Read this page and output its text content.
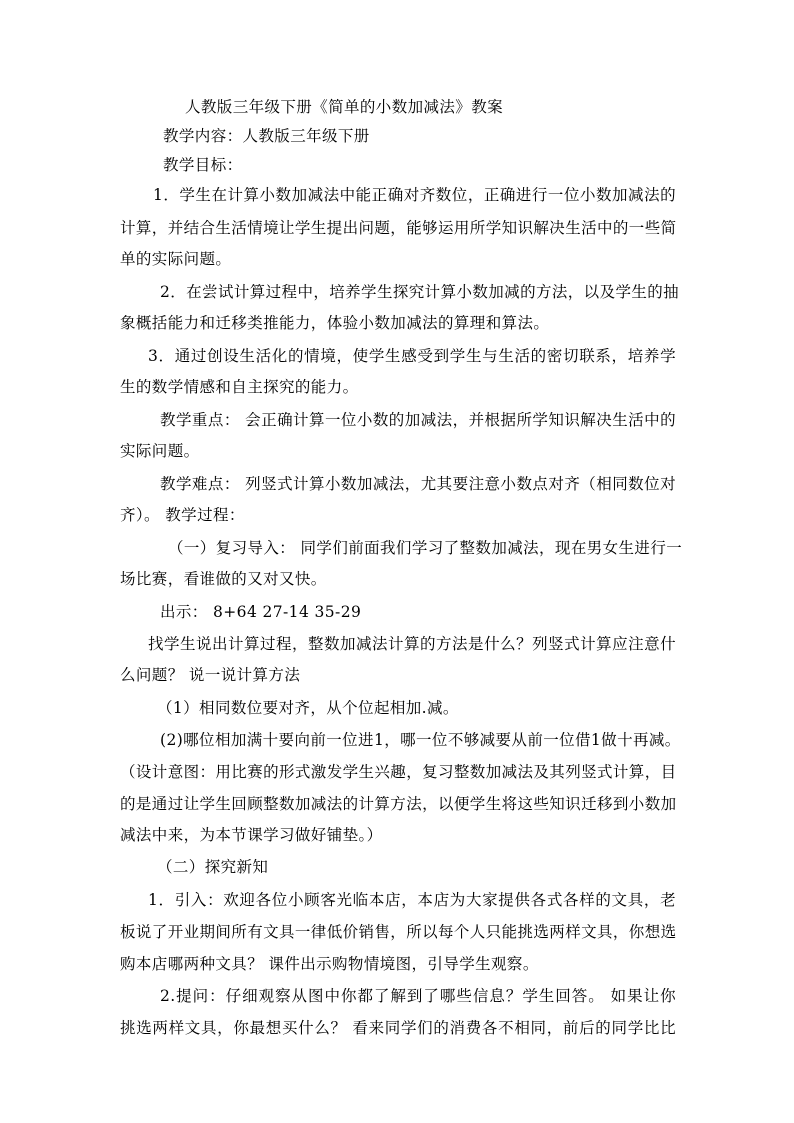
人教版三年级下册《简单的小数加减法》教案
教学内容：人教版三年级下册
教学目标：
1．学生在计算小数加减法中能正确对齐数位，正确进行一位小数加减法的
计算，并结合生活情境让学生提出问题，能够运用所学知识解决生活中的一些简
单的实际问题。
2．在尝试计算过程中，培养学生探究计算小数加减的方法，以及学生的抽
象概括能力和迁移类推能力，体验小数加减法的算理和算法。
3．通过创设生活化的情境，使学生感受到学生与生活的密切联系，培养学
生的数学情感和自主探究的能力。
教学重点： 会正确计算一位小数的加减法，并根据所学知识解决生活中的
实际问题。
教学难点： 列竖式计算小数加减法，尤其要注意小数点对齐（相同数位对
齐）。 教学过程：
（一）复习导入： 同学们前面我们学习了整数加减法，现在男女生进行一
场比赛，看谁做的又对又快。
出示： 8+64 27-14 35-29
找学生说出计算过程，整数加减法计算的方法是什么？列竖式计算应注意什
么问题？ 说一说计算方法
（1）相同数位要对齐，从个位起相加.减。
(2)哪位相加满十要向前一位进1，哪一位不够减要从前一位借1做十再减。
（设计意图：用比赛的形式激发学生兴趣，复习整数加减法及其列竖式计算，目
的是通过让学生回顾整数加减法的计算方法，以便学生将这些知识迁移到小数加
减法中来，为本节课学习做好铺垫。）
（二）探究新知
1．引入：欢迎各位小顾客光临本店，本店为大家提供各式各样的文具，老
板说了开业期间所有文具一律低价销售，所以每个人只能挑选两样文具，你想选
购本店哪两种文具？ 课件出示购物情境图，引导学生观察。
2.提问：仔细观察从图中你都了解到了哪些信息？学生回答。 如果让你
挑选两样文具，你最想买什么？ 看来同学们的消费各不相同，前后的同学比比
